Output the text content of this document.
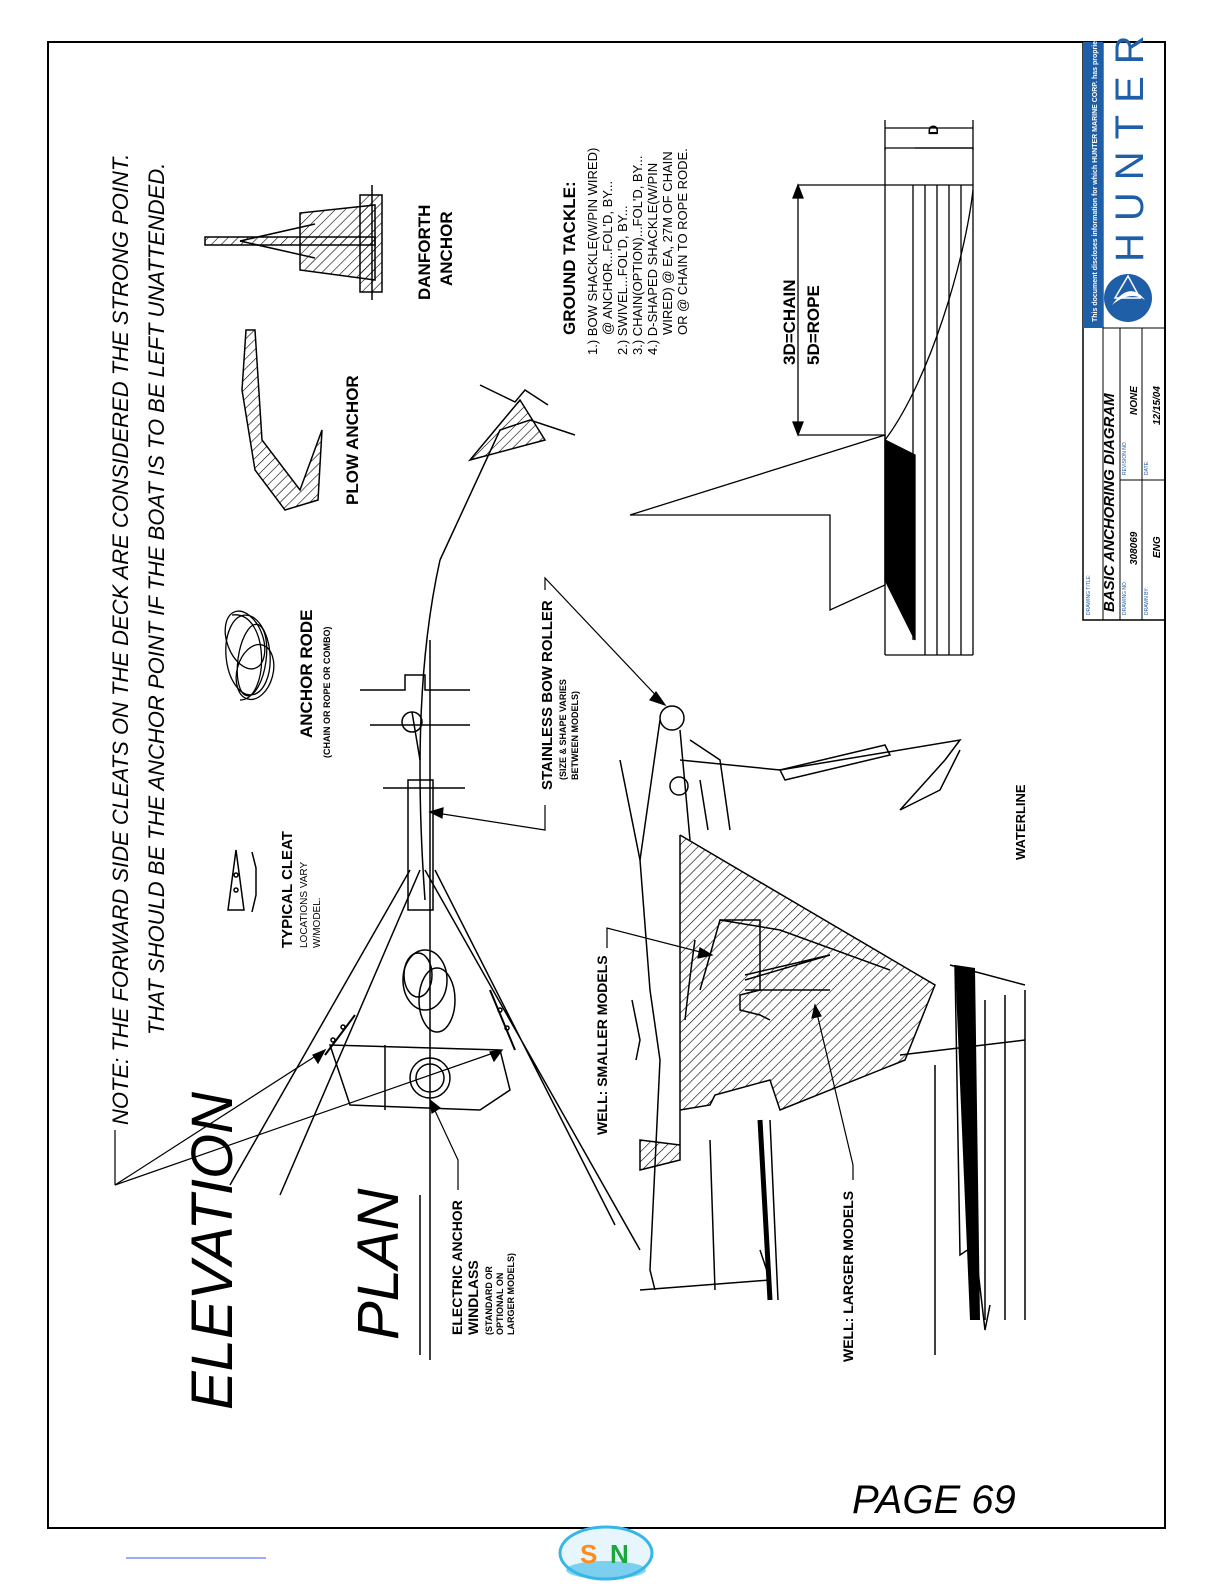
NOTE: THE FORWARD SIDE CLEATS ON THE DECK ARE CONSIDERED THE STRONG POINT. THAT SHOULD BE THE ANCHOR POINT IF THE BOAT IS TO BE LEFT UNATTENDED.	DANFORTH ANCHOR
PLOW ANCHOR
GROUND TACKLE: 1.) BOW SHACKLE(W/PIN WIRED) @ ANCHOR...FOL'D, BY... 2.) SWIVEL...FOL'D, BY... 3.) CHAIN(OPTION)...FOL'D, BY... 4.) D-SHAPED SHACKLE(W/PIN WIRED) @ EA, 27M OF CHAIN OR @ CHAIN TO ROPE RODE.
D
3D=CHAIN 5D=ROPE
This document discloses information for which HUNTER MARINE CORP. has proprietary rights.
DRAWING TITLE: BASIC ANCHORING DIAGRAM DRAWING NO.
308069
REVISION NO.
NONE
DRAWN BY:
ENG
DATE:
12/15/04
HUNTER
ANCHOR RODE (CHAIN OR ROPE OR COMBO)
TYPICAL CLEAT LOCATIONS VARY W/MODEL.
STAINLESS BOW ROLLER (SIZE & SHAPE VARIES BETWEEN MODELS)
WATERLINE
WELL: SMALLER MODELS
WELL: LARGER MODELS
ELECTRIC ANCHOR WINDLASS (STANDARD OR OPTIONAL ON LARGER MODELS)
PLAN
ELEVATION
PAGE 69
S N
